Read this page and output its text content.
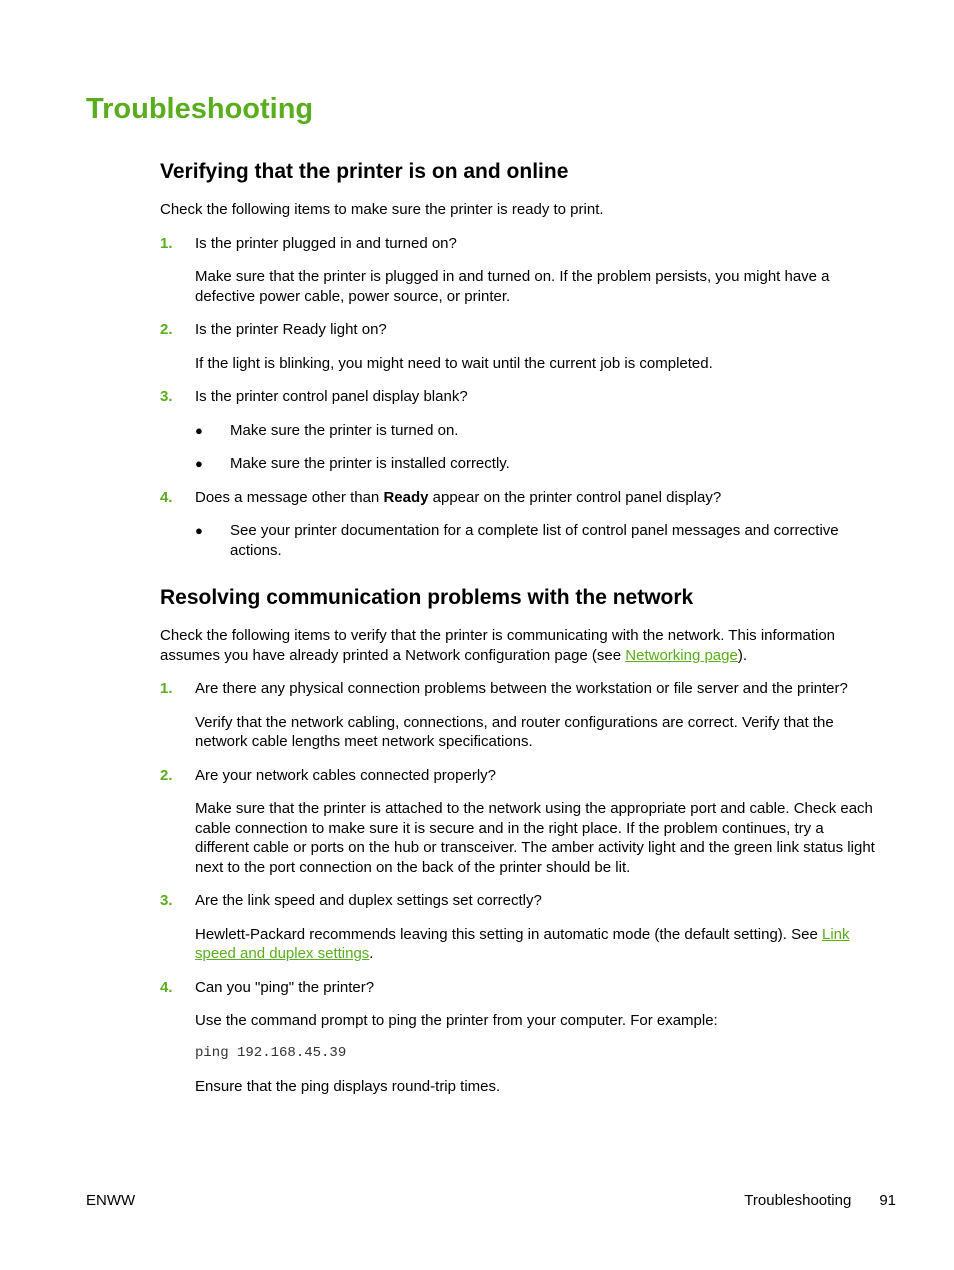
Troubleshooting
Verifying that the printer is on and online

Check the following items to make sure the printer is ready to print.

1. Is the printer plugged in and turned on?

Make sure that the printer is plugged in and turned on. If the problem persists, you might have a defective power cable, power source, or printer.

2. Is the printer Ready light on?

If the light is blinking, you might need to wait until the current job is completed.

3. Is the printer control panel display blank?

● Make sure the printer is turned on.
● Make sure the printer is installed correctly.
4. Does a message other than Ready appear on the printer control panel display?

● See your printer documentation for a complete list of control panel messages and corrective actions.
Resolving communication problems with the network

Check the following items to verify that the printer is communicating with the network. This information assumes you have already printed a Network configuration page (see Networking page).

1. Are there any physical connection problems between the workstation or file server and the printer?

Verify that the network cabling, connections, and router configurations are correct. Verify that the network cable lengths meet network specifications.

2. Are your network cables connected properly?

Make sure that the printer is attached to the network using the appropriate port and cable. Check each cable connection to make sure it is secure and in the right place. If the problem continues, try a different cable or ports on the hub or transceiver. The amber activity light and the green link status light next to the port connection on the back of the printer should be lit.

3. Are the link speed and duplex settings set correctly?

Hewlett-Packard recommends leaving this setting in automatic mode (the default setting). See Link speed and duplex settings.

4. Can you "ping" the printer?

Use the command prompt to ping the printer from your computer. For example:

ping 192.168.45.39

Ensure that the ping displays round-trip times.

ENWW	Troubleshooting 91
